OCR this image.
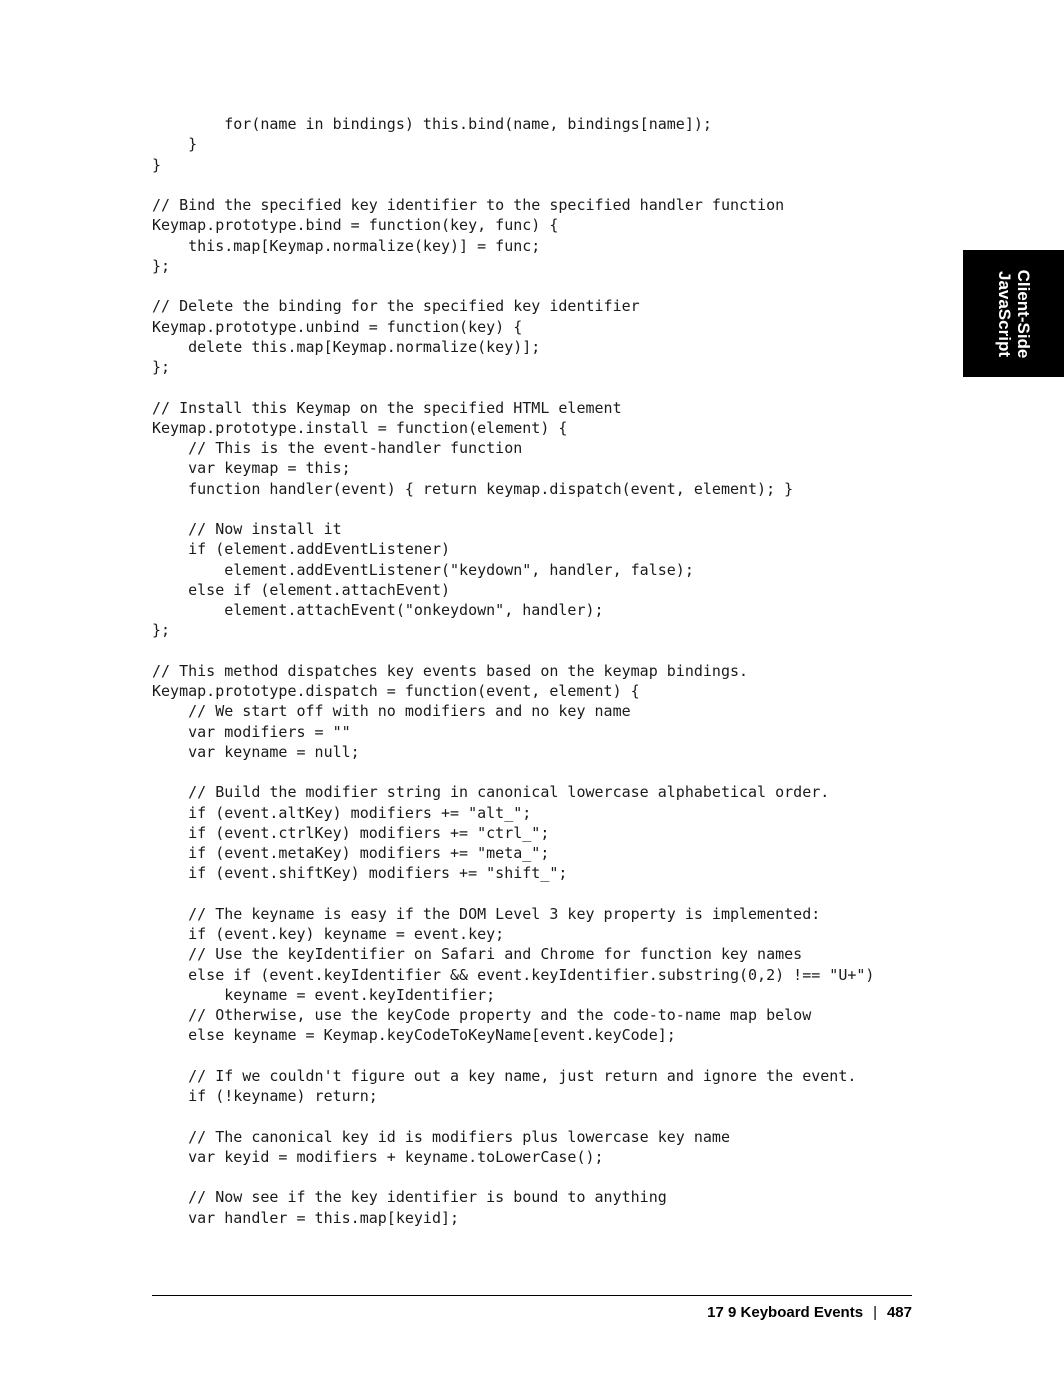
for(name in bindings) this.bind(name, bindings[name]);
}
}
// Bind the specified key identifier to the specified handler function
Keymap.prototype.bind = function(key, func) {
this.map[Keymap.normalize(key)] = func;
};
// Delete the binding for the specified key identifier
Keymap.prototype.unbind = function(key) {
delete this.map[Keymap.normalize(key)];
};
// Install this Keymap on the specified HTML element
Keymap.prototype.install = function(element) {
// This is the event-handler function
var keymap = this;
function handler(event) { return keymap.dispatch(event, element); }
// Now install it
if (element.addEventListener)
element.addEventListener("keydown", handler, false);
else if (element.attachEvent)
element.attachEvent("onkeydown", handler);
};
// This method dispatches key events based on the keymap bindings.
Keymap.prototype.dispatch = function(event, element) {
// We start off with no modifiers and no key name
var modifiers = ""
var keyname = null;
// Build the modifier string in canonical lowercase alphabetical order.
if (event.altKey) modifiers += "alt_";
if (event.ctrlKey) modifiers += "ctrl_";
if (event.metaKey) modifiers += "meta_";
if (event.shiftKey) modifiers += "shift_";
// The keyname is easy if the DOM Level 3 key property is implemented:
if (event.key) keyname = event.key;
// Use the keyIdentifier on Safari and Chrome for function key names
else if (event.keyIdentifier && event.keyIdentifier.substring(0,2) !== "U+")
keyname = event.keyIdentifier;
// Otherwise, use the keyCode property and the code-to-name map below
else keyname = Keymap.keyCodeToKeyName[event.keyCode];
// If we couldn't figure out a key name, just return and ignore the event.
if (!keyname) return;
// The canonical key id is modifiers plus lowercase key name
var keyid = modifiers + keyname.toLowerCase();
// Now see if the key identifier is bound to anything
var handler = this.map[keyid];
Client-Side
JavaScript
17 9 Keyboard Events | 487
